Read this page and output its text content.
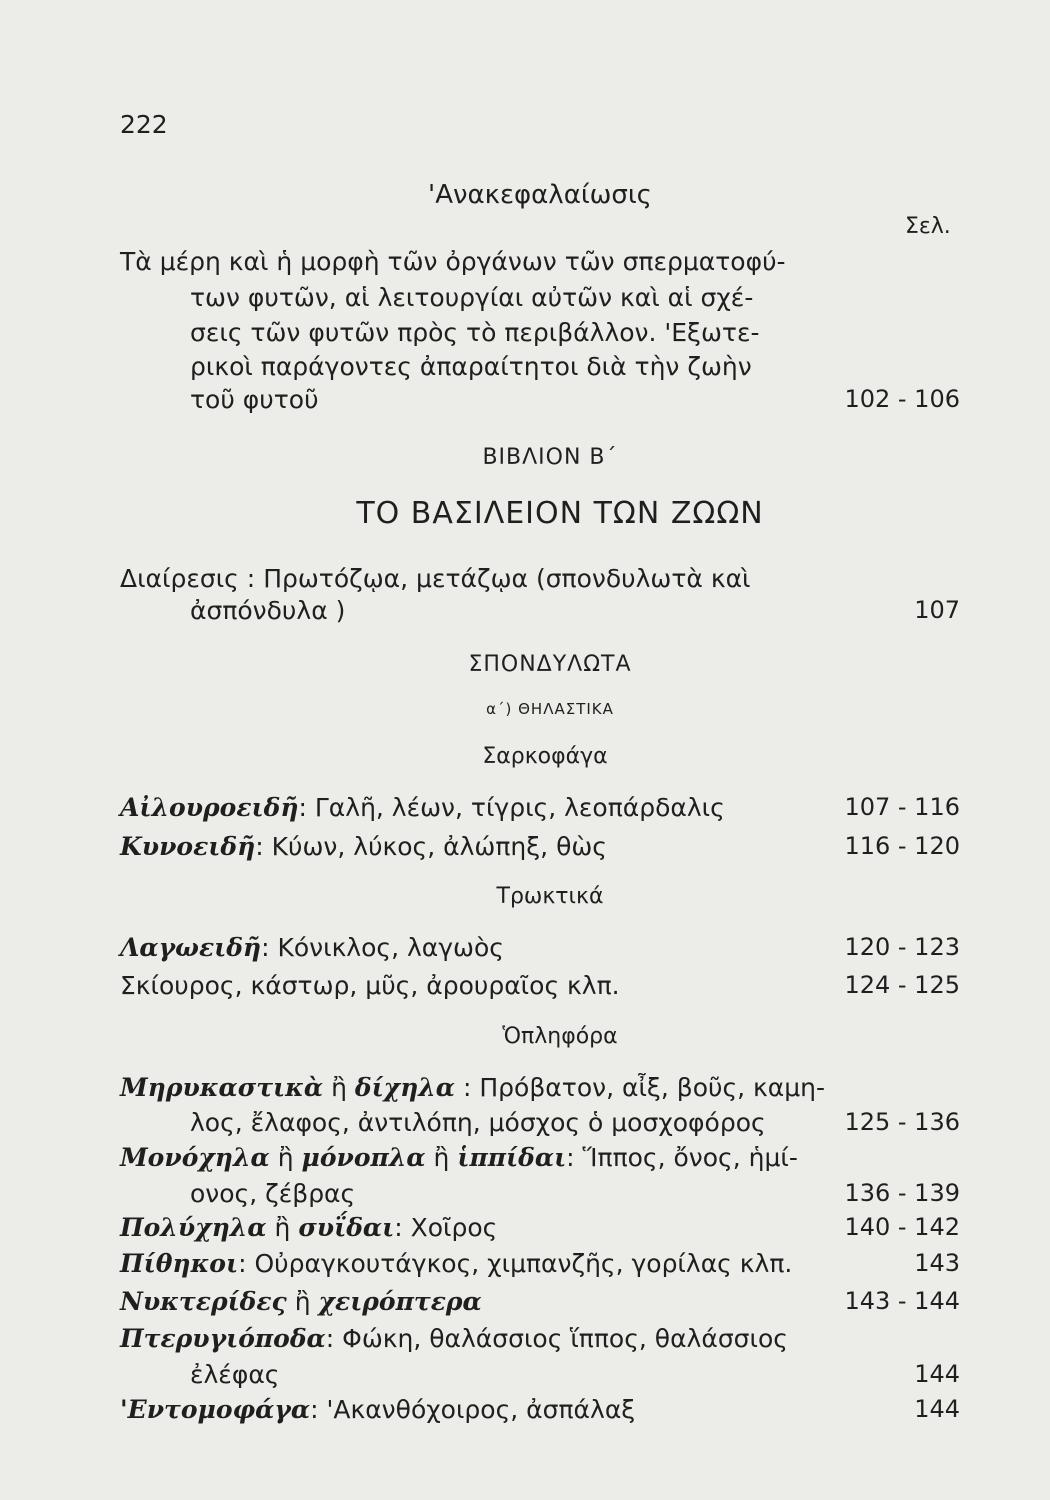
222
'Ανακεφαλαίωσις
Σελ.
Τὰ μέρη καὶ ἡ μορφὴ τῶν ὀργάνων τῶν σπερματοφύ-
των φυτῶν, αἱ λειτουργίαι αὐτῶν καὶ αἱ σχέ-
σεις τῶν φυτῶν πρὸς τὸ περιβάλλον. 'Εξωτε-
ρικοὶ παράγοντες ἀπαραίτητοι διὰ τὴν ζωὴν
τοῦ φυτοῦ	102 - 106
ΒΙΒΛΙΟΝ Β΄
ΤΟ ΒΑΣΙΛΕΙΟΝ ΤΩΝ ΖΩΩΝ
Διαίρεσις : Πρωτόζῳα, μετάζῳα (σπονδυλωτὰ καὶ
ἀσπόνδυλα )	107
ΣΠΟΝΔΥΛΩΤΑ
α΄) ΘΗΛΑΣΤΙΚΑ
Σαρκοφάγα
Αἰλουροειδῆ: Γαλῆ, λέων, τίγρις, λεοπάρδαλις	107 - 116
Κυνοειδῆ: Κύων, λύκος, ἀλώπηξ, θὼς	116 - 120
Τρωκτικά
Λαγωειδῆ: Κόνικλος, λαγωὸς	120 - 123
Σκίουρος, κάστωρ, μῦς, ἀρουραῖος κλπ.	124 - 125
Ὁπληφόρα
Μηρυκαστικὰ ἢ δίχηλα : Πρόβατον, αἶξ, βοῦς, καμη-
λος, ἔλαφος, ἀντιλόπη, μόσχος ὁ μοσχοφόρος	125 - 136
Μονόχηλα ἢ μόνοπλα ἢ ἱππίδαι: Ἵππος, ὄνος, ἡμί-
ονος, ζέβρας	136 - 139
Πολύχηλα ἢ συΐδαι: Χοῖρος	140 - 142
Πίθηκοι: Οὐραγκουτάγκος, χιμπανζῆς, γορίλας κλπ.	143
Νυκτερίδες ἢ χειρόπτερα	143 - 144
Πτερυγιόποδα: Φώκη, θαλάσσιος ἵππος, θαλάσσιος
ἐλέφας	144
'Εντομοφάγα: 'Ακανθόχοιρος, ἀσπάλαξ	144
